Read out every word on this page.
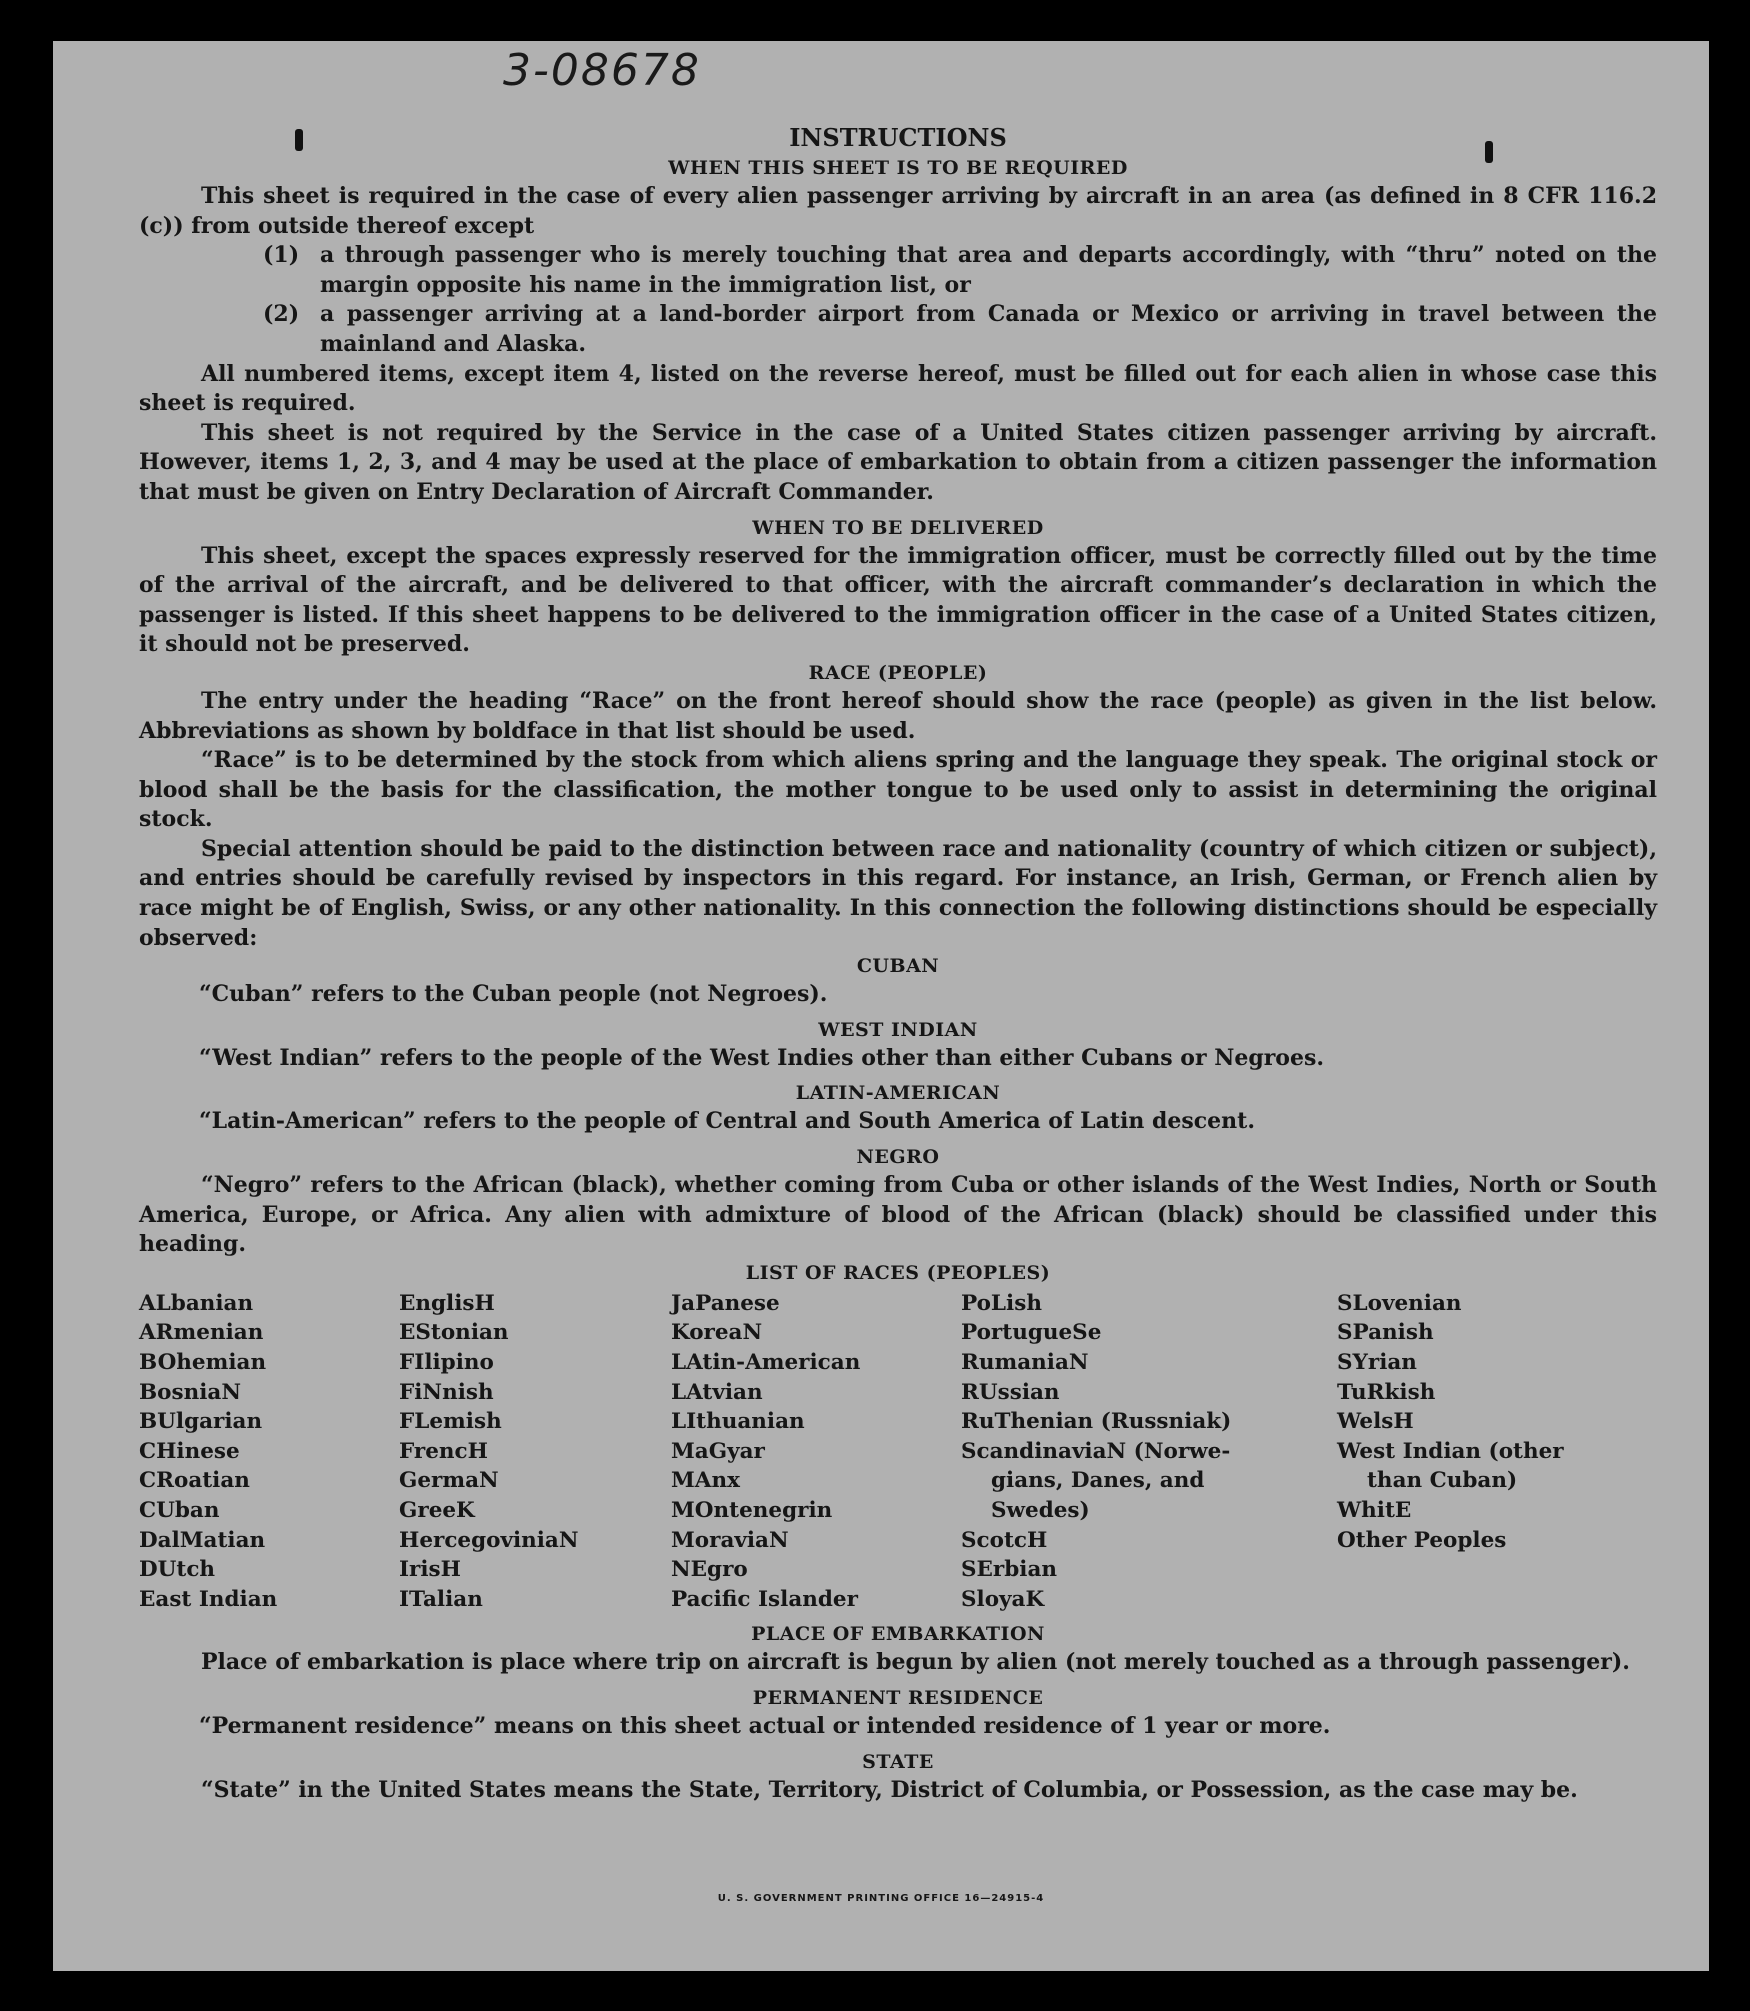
3-08678
INSTRUCTIONS
WHEN THIS SHEET IS TO BE REQUIRED

This sheet is required in the case of every alien passenger arriving by aircraft in an area (as defined in 8 CFR 116.2 (c)) from outside thereof except

(1) a through passenger who is merely touching that area and departs accordingly, with “thru” noted on the margin opposite his name in the immigration list, or
(2) a passenger arriving at a land-border airport from Canada or Mexico or arriving in travel between the mainland and Alaska.

All numbered items, except item 4, listed on the reverse hereof, must be filled out for each alien in whose case this sheet is required.

This sheet is not required by the Service in the case of a United States citizen passenger arriving by aircraft. However, items 1, 2, 3, and 4 may be used at the place of embarkation to obtain from a citizen passenger the information that must be given on Entry Declaration of Aircraft Commander.

WHEN TO BE DELIVERED

This sheet, except the spaces expressly reserved for the immigration officer, must be correctly filled out by the time of the arrival of the aircraft, and be delivered to that officer, with the aircraft commander’s declaration in which the passenger is listed. If this sheet happens to be delivered to the immigration officer in the case of a United States citizen, it should not be preserved.

RACE (PEOPLE)

The entry under the heading “Race” on the front hereof should show the race (people) as given in the list below. Abbreviations as shown by boldface in that list should be used.

“Race” is to be determined by the stock from which aliens spring and the language they speak. The original stock or blood shall be the basis for the classification, the mother tongue to be used only to assist in determining the original stock.

Special attention should be paid to the distinction between race and nationality (country of which citizen or subject), and entries should be carefully revised by inspectors in this regard. For instance, an Irish, German, or French alien by race might be of English, Swiss, or any other nationality. In this connection the following distinctions should be especially observed:

CUBAN

“Cuban” refers to the Cuban people (not Negroes).

WEST INDIAN

“West Indian” refers to the people of the West Indies other than either Cubans or Negroes.

LATIN-AMERICAN

“Latin-American” refers to the people of Central and South America of Latin descent.

NEGRO

“Negro” refers to the African (black), whether coming from Cuba or other islands of the West Indies, North or South America, Europe, or Africa. Any alien with admixture of blood of the African (black) should be classified under this heading.

LIST OF RACES (PEOPLES)
ALbanian
ARmenian
BOhemian
BosniaN
BUlgarian
CHinese
CRoatian
CUban
DalMatian
DUtch
East Indian
EnglisH
EStonian
FIlipino
FiNnish
FLemish
FrencH
GermaN
GreeK
HercegoviniaN
IrisH
ITalian
JaPanese
KoreaN
LAtin-American
LAtvian
LIthuanian
MaGyar
MAnx
MOntenegrin
MoraviaN
NEgro
Pacific Islander
PoLish
PortugueSe
RumaniaN
RUssian
RuThenian (Russniak)
ScandinaviaN (Norwe-
gians, Danes, and
Swedes)
ScotcH
SErbian
SloyaK
SLovenian
SPanish
SYrian
TuRkish
WelsH
West Indian (other
than Cuban)
WhitE
Other Peoples
PLACE OF EMBARKATION

Place of embarkation is place where trip on aircraft is begun by alien (not merely touched as a through passenger).

PERMANENT RESIDENCE

“Permanent residence” means on this sheet actual or intended residence of 1 year or more.

STATE

“State” in the United States means the State, Territory, District of Columbia, or Possession, as the case may be.

U. S. GOVERNMENT PRINTING OFFICE 16—24915-4
